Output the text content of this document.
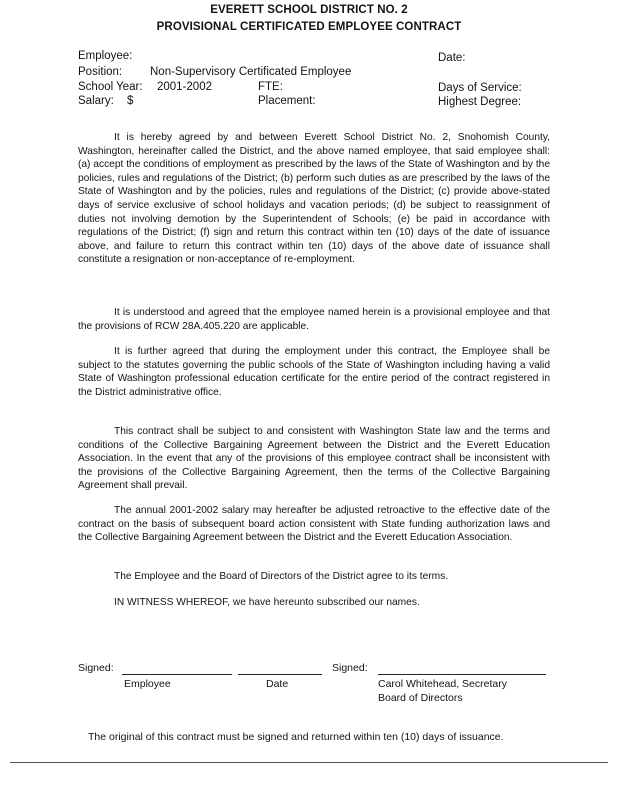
EVERETT SCHOOL DISTRICT NO. 2
PROVISIONAL CERTIFICATED EMPLOYEE CONTRACT
Employee:	Date:
Position: Non-Supervisory Certificated Employee
School Year: 2001-2002	FTE:	Days of Service:
Salary: $	Placement:	Highest Degree:

It is hereby agreed by and between Everett School District No. 2, Snohomish County, Washington, hereinafter called the District, and the above named employee, that said employee shall: (a) accept the conditions of employment as prescribed by the laws of the State of Washington and by the policies, rules and regulations of the District; (b) perform such duties as are prescribed by the laws of the State of Washington and by the policies, rules and regulations of the District; (c) provide above-stated days of service exclusive of school holidays and vacation periods; (d) be subject to reassignment of duties not involving demotion by the Superintendent of Schools; (e) be paid in accordance with regulations of the District; (f) sign and return this contract within ten (10) days of the date of issuance above, and failure to return this contract within ten (10) days of the above date of issuance shall constitute a resignation or non-acceptance of re-employment.

It is understood and agreed that the employee named herein is a provisional employee and that the provisions of RCW 28A.405.220 are applicable.

It is further agreed that during the employment under this contract, the Employee shall be subject to the statutes governing the public schools of the State of Washington including having a valid State of Washington professional education certificate for the entire period of the contract registered in the District administrative office.

This contract shall be subject to and consistent with Washington State law and the terms and conditions of the Collective Bargaining Agreement between the District and the Everett Education Association. In the event that any of the provisions of this employee contract shall be inconsistent with the provisions of the Collective Bargaining Agreement, then the terms of the Collective Bargaining Agreement shall prevail.

The annual 2001-2002 salary may hereafter be adjusted retroactive to the effective date of the contract on the basis of subsequent board action consistent with State funding authorization laws and the Collective Bargaining Agreement between the District and the Everett Education Association.

The Employee and the Board of Directors of the District agree to its terms.

IN WITNESS WHEREOF, we have hereunto subscribed our names.

Signed:
Employee	Date
Signed:
Carol Whitehead, Secretary
Board of Directors
The original of this contract must be signed and returned within ten (10) days of issuance.
